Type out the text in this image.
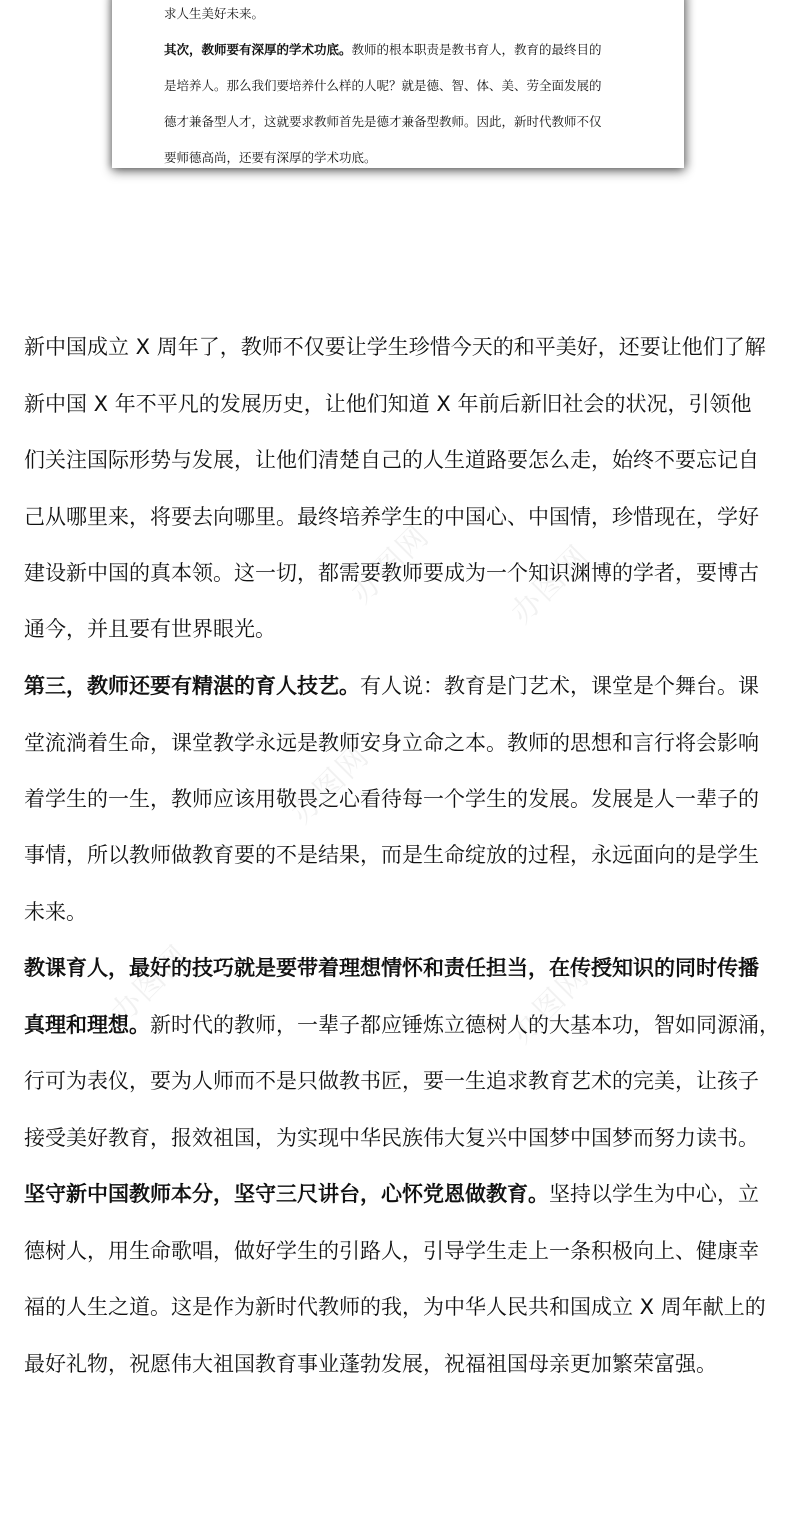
求人生美好未来。
其次，教师要有深厚的学术功底。教师的根本职责是教书育人，教育的最终目的
是培养人。那么我们要培养什么样的人呢？就是德、智、体、美、劳全面发展的
德才兼备型人才，这就要求教师首先是德才兼备型教师。因此，新时代教师不仅
要师德高尚，还要有深厚的学术功底。
办图网 办图网
办图网
办图网	办图网
新中国成立 X 周年了，教师不仅要让学生珍惜今天的和平美好，还要让他们了解
新中国 X 年不平凡的发展历史，让他们知道 X 年前后新旧社会的状况，引领他
们关注国际形势与发展，让他们清楚自己的人生道路要怎么走，始终不要忘记自
己从哪里来，将要去向哪里。最终培养学生的中国心、中国情，珍惜现在，学好
建设新中国的真本领。这一切，都需要教师要成为一个知识渊博的学者，要博古
通今，并且要有世界眼光。
第三，教师还要有精湛的育人技艺。有人说：教育是门艺术，课堂是个舞台。课
堂流淌着生命，课堂教学永远是教师安身立命之本。教师的思想和言行将会影响
着学生的一生，教师应该用敬畏之心看待每一个学生的发展。发展是人一辈子的
事情，所以教师做教育要的不是结果，而是生命绽放的过程，永远面向的是学生
未来。
教课育人，最好的技巧就是要带着理想情怀和责任担当，在传授知识的同时传播
真理和理想。新时代的教师，一辈子都应锤炼立德树人的大基本功，智如同源涌，
行可为表仪，要为人师而不是只做教书匠，要一生追求教育艺术的完美，让孩子
接受美好教育，报效祖国，为实现中华民族伟大复兴中国梦中国梦而努力读书。
坚守新中国教师本分，坚守三尺讲台，心怀党恩做教育。坚持以学生为中心，立
德树人，用生命歌唱，做好学生的引路人，引导学生走上一条积极向上、健康幸
福的人生之道。这是作为新时代教师的我，为中华人民共和国成立 X 周年献上的
最好礼物，祝愿伟大祖国教育事业蓬勃发展，祝福祖国母亲更加繁荣富强。
